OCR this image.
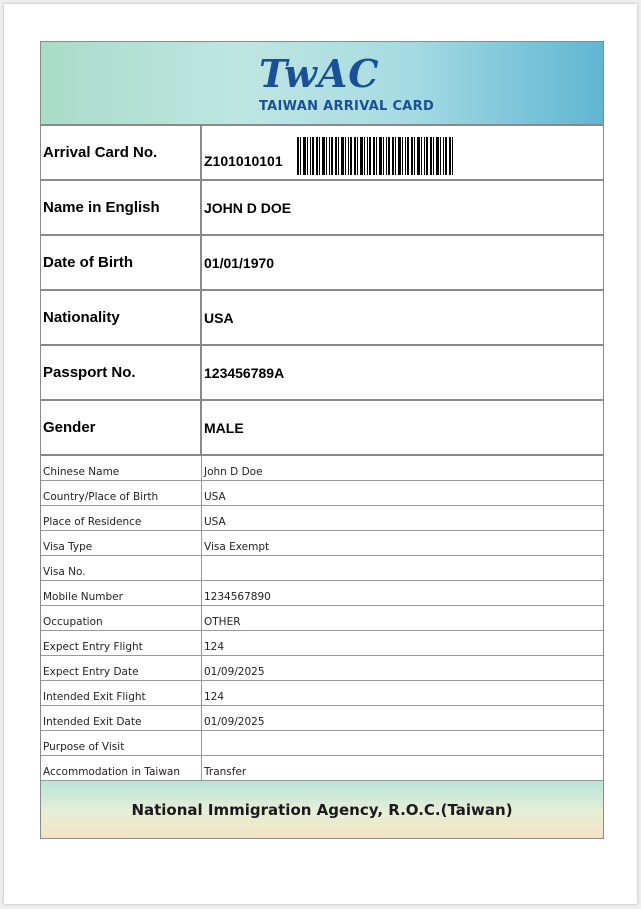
TwAC
TAIWAN ARRIVAL CARD
Arrival Card No.	Z101010101
Name in English	JOHN D DOE
Date of Birth	01/01/1970
Nationality	USA
Passport No.	123456789A
Gender	MALE
Chinese Name	John D Doe
Country/Place of Birth	USA
Place of Residence	USA
Visa Type	Visa Exempt
Visa No.
Mobile Number	1234567890
Occupation	OTHER
Expect Entry Flight	124
Expect Entry Date	01/09/2025
Intended Exit Flight	124
Intended Exit Date	01/09/2025
Purpose of Visit
Accommodation in Taiwan	Transfer
National Immigration Agency, R.O.C.(Taiwan)
